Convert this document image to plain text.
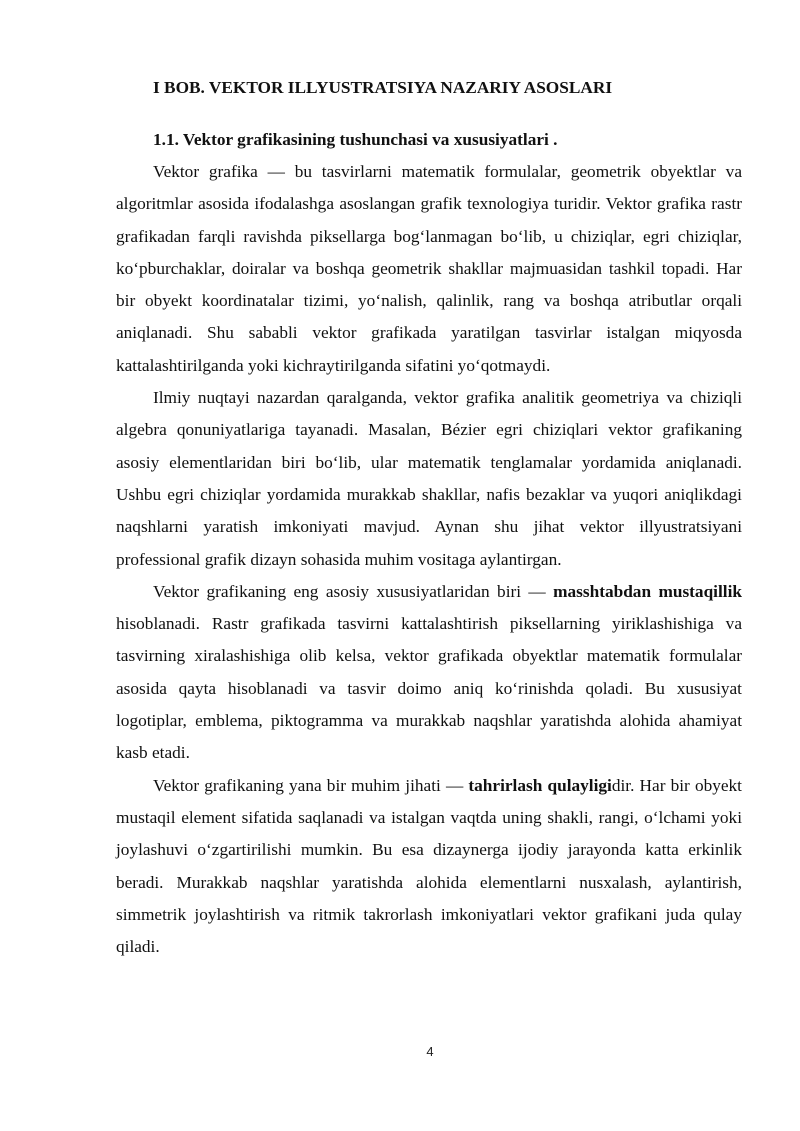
I BOB. VEKTOR ILLYUSTRATSIYA NAZARIY ASOSLARI
1.1. Vektor grafikasining tushunchasi va xususiyatlari .

Vektor grafika — bu tasvirlarni matematik formulalar, geometrik obyektlar va algoritmlar asosida ifodalashga asoslangan grafik texnologiya turidir. Vektor grafika rastr grafikadan farqli ravishda piksellarga bog‘lanmagan bo‘lib, u chiziqlar, egri chiziqlar, ko‘pburchaklar, doiralar va boshqa geometrik shakllar majmuasidan tashkil topadi. Har bir obyekt koordinatalar tizimi, yo‘nalish, qalinlik, rang va boshqa atributlar orqali aniqlanadi. Shu sababli vektor grafikada yaratilgan tasvirlar istalgan miqyosda kattalashtirilganda yoki kichraytirilganda sifatini yo‘qotmaydi.

Ilmiy nuqtayi nazardan qaralganda, vektor grafika analitik geometriya va chiziqli algebra qonuniyatlariga tayanadi. Masalan, Bézier egri chiziqlari vektor grafikaning asosiy elementlaridan biri bo‘lib, ular matematik tenglamalar yordamida aniqlanadi. Ushbu egri chiziqlar yordamida murakkab shakllar, nafis bezaklar va yuqori aniqlikdagi naqshlarni yaratish imkoniyati mavjud. Aynan shu jihat vektor illyustratsiyani professional grafik dizayn sohasida muhim vositaga aylantirgan.

Vektor grafikaning eng asosiy xususiyatlaridan biri — masshtabdan mustaqillik hisoblanadi. Rastr grafikada tasvirni kattalashtirish piksellarning yiriklashishiga va tasvirning xiralashishiga olib kelsa, vektor grafikada obyektlar matematik formulalar asosida qayta hisoblanadi va tasvir doimo aniq ko‘rinishda qoladi. Bu xususiyat logotiplar, emblema, piktogramma va murakkab naqshlar yaratishda alohida ahamiyat kasb etadi.

Vektor grafikaning yana bir muhim jihati — tahrirlash qulayligidir. Har bir obyekt mustaqil element sifatida saqlanadi va istalgan vaqtda uning shakli, rangi, o‘lchami yoki joylashuvi o‘zgartirilishi mumkin. Bu esa dizaynerga ijodiy jarayonda katta erkinlik beradi. Murakkab naqshlar yaratishda alohida elementlarni nusxalash, aylantirish, simmetrik joylashtirish va ritmik takrorlash imkoniyatlari vektor grafikani juda qulay qiladi.

4
